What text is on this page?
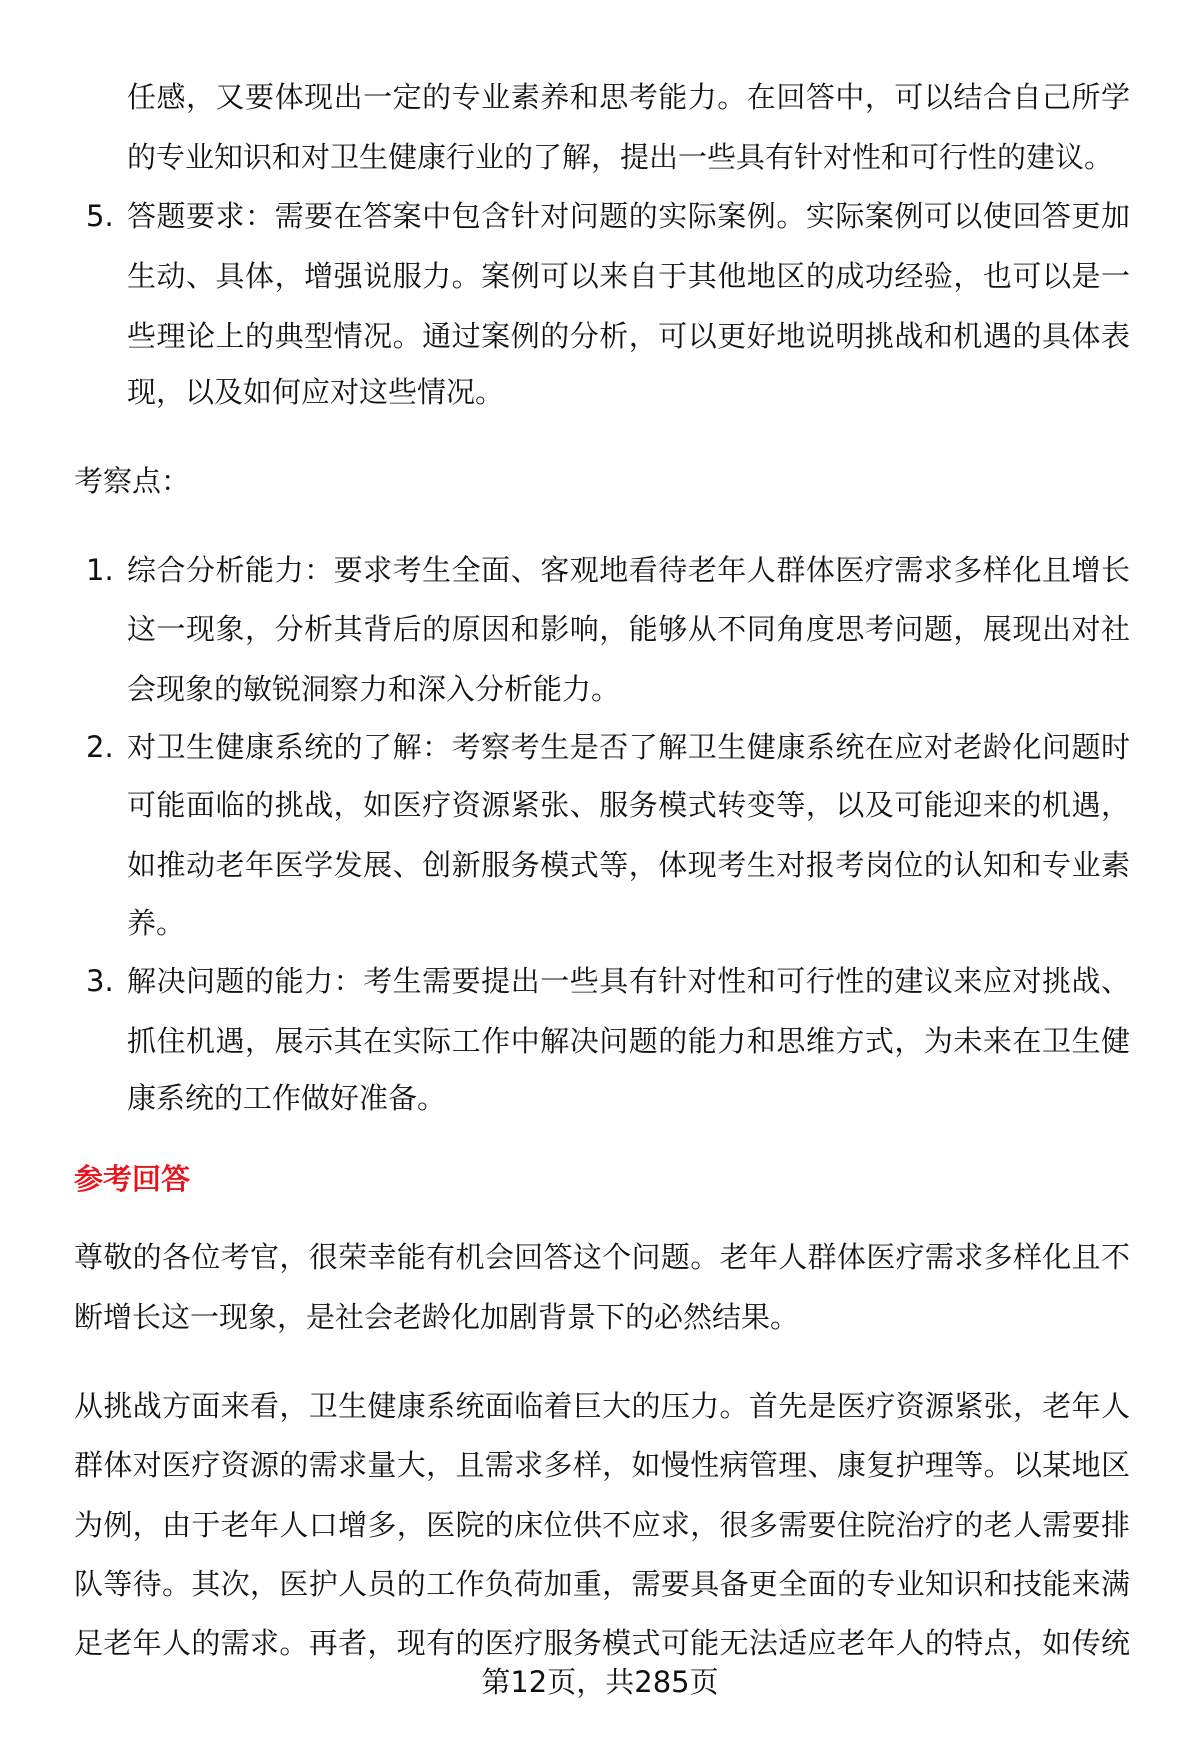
任感，又要体现出一定的专业素养和思考能力。在回答中，可以结合自己所学
的专业知识和对卫生健康行业的了解，提出一些具有针对性和可行性的建议。
5. 答题要求：需要在答案中包含针对问题的实际案例。实际案例可以使回答更加
生动、具体，增强说服力。案例可以来自于其他地区的成功经验，也可以是一
些理论上的典型情况。通过案例的分析，可以更好地说明挑战和机遇的具体表
现，以及如何应对这些情况。
考察点：
1. 综合分析能力：要求考生全面、客观地看待老年人群体医疗需求多样化且增长
这一现象，分析其背后的原因和影响，能够从不同角度思考问题，展现出对社
会现象的敏锐洞察力和深入分析能力。
2. 对卫生健康系统的了解：考察考生是否了解卫生健康系统在应对老龄化问题时
可能面临的挑战，如医疗资源紧张、服务模式转变等，以及可能迎来的机遇，
如推动老年医学发展、创新服务模式等，体现考生对报考岗位的认知和专业素
养。
3. 解决问题的能力：考生需要提出一些具有针对性和可行性的建议来应对挑战、
抓住机遇，展示其在实际工作中解决问题的能力和思维方式，为未来在卫生健
康系统的工作做好准备。
参考回答
尊敬的各位考官，很荣幸能有机会回答这个问题。老年人群体医疗需求多样化且不
断增长这一现象，是社会老龄化加剧背景下的必然结果。
从挑战方面来看，卫生健康系统面临着巨大的压力。首先是医疗资源紧张，老年人
群体对医疗资源的需求量大，且需求多样，如慢性病管理、康复护理等。以某地区
为例，由于老年人口增多，医院的床位供不应求，很多需要住院治疗的老人需要排
队等待。其次，医护人员的工作负荷加重，需要具备更全面的专业知识和技能来满
足老年人的需求。再者，现有的医疗服务模式可能无法适应老年人的特点，如传统
第12页，共285页
